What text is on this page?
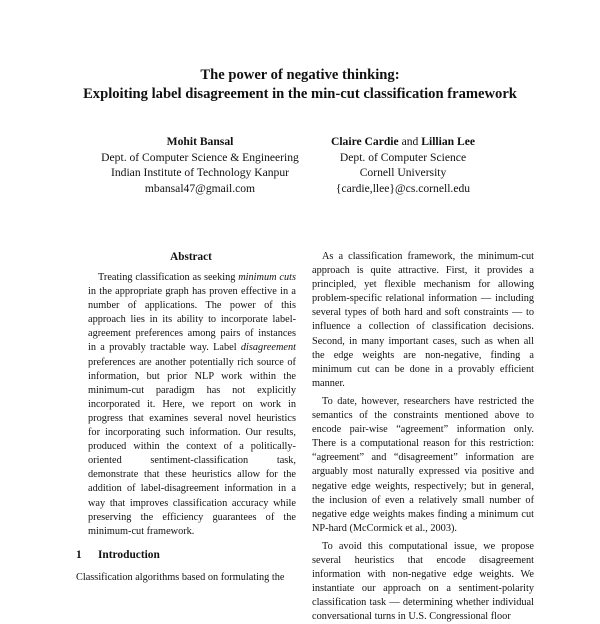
The power of negative thinking:
Exploiting label disagreement in the min-cut classification framework
Mohit Bansal
Dept. of Computer Science & Engineering
Indian Institute of Technology Kanpur
mbansal47@gmail.com
Claire Cardie and Lillian Lee
Dept. of Computer Science
Cornell University
{cardie,llee}@cs.cornell.edu
Abstract

Treating classification as seeking minimum cuts in the appropriate graph has proven effective in a number of applications. The power of this approach lies in its ability to incorporate label-agreement preferences among pairs of instances in a provably tractable way. Label disagreement preferences are another potentially rich source of information, but prior NLP work within the minimum-cut paradigm has not explicitly incorporated it. Here, we report on work in progress that examines several novel heuristics for incorporating such information. Our results, produced within the context of a politically-oriented sentiment-classification task, demonstrate that these heuristics allow for the addition of label-disagreement information in a way that improves classification accuracy while preserving the efficiency guarantees of the minimum-cut framework.

1 Introduction

Classification algorithms based on formulating the

As a classification framework, the minimum-cut approach is quite attractive. First, it provides a principled, yet flexible mechanism for allowing problem-specific relational information — including several types of both hard and soft constraints — to influence a collection of classification decisions. Second, in many important cases, such as when all the edge weights are non-negative, finding a minimum cut can be done in a provably efficient manner.

To date, however, researchers have restricted the semantics of the constraints mentioned above to encode pair-wise “agreement” information only. There is a computational reason for this restriction: “agreement” and “disagreement” information are arguably most naturally expressed via positive and negative edge weights, respectively; but in general, the inclusion of even a relatively small number of negative edge weights makes finding a minimum cut NP-hard (McCormick et al., 2003).

To avoid this computational issue, we propose several heuristics that encode disagreement information with non-negative edge weights. We instantiate our approach on a sentiment-polarity classification task — determining whether individual conversational turns in U.S. Congressional floor
